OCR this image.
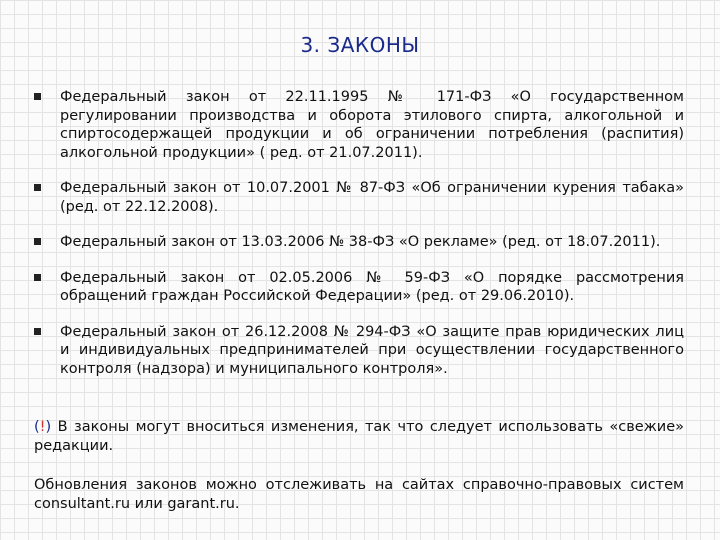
3. ЗАКОНЫ
Федеральный закон от 22.11.1995 № 171-ФЗ «О государственном регулировании производства и оборота этилового спирта, алкогольной и спиртосодержащей продукции и об ограничении потребления (распития) алкогольной продукции» ( ред. от 21.07.2011).
Федеральный закон от 10.07.2001 № 87-ФЗ «Об ограничении курения табака» (ред. от 22.12.2008).
Федеральный закон от 13.03.2006 № 38-ФЗ «О рекламе» (ред. от 18.07.2011).
Федеральный закон от 02.05.2006 № 59-ФЗ «О порядке рассмотрения обращений граждан Российской Федерации» (ред. от 29.06.2010).
Федеральный закон от 26.12.2008 № 294-ФЗ «О защите прав юридических лиц и индивидуальных предпринимателей при осуществлении государственного контроля (надзора) и муниципального контроля».
(!) В законы могут вноситься изменения, так что следует использовать «свежие» редакции.
Обновления законов можно отслеживать на сайтах справочно-правовых систем consultant.ru или garant.ru.
